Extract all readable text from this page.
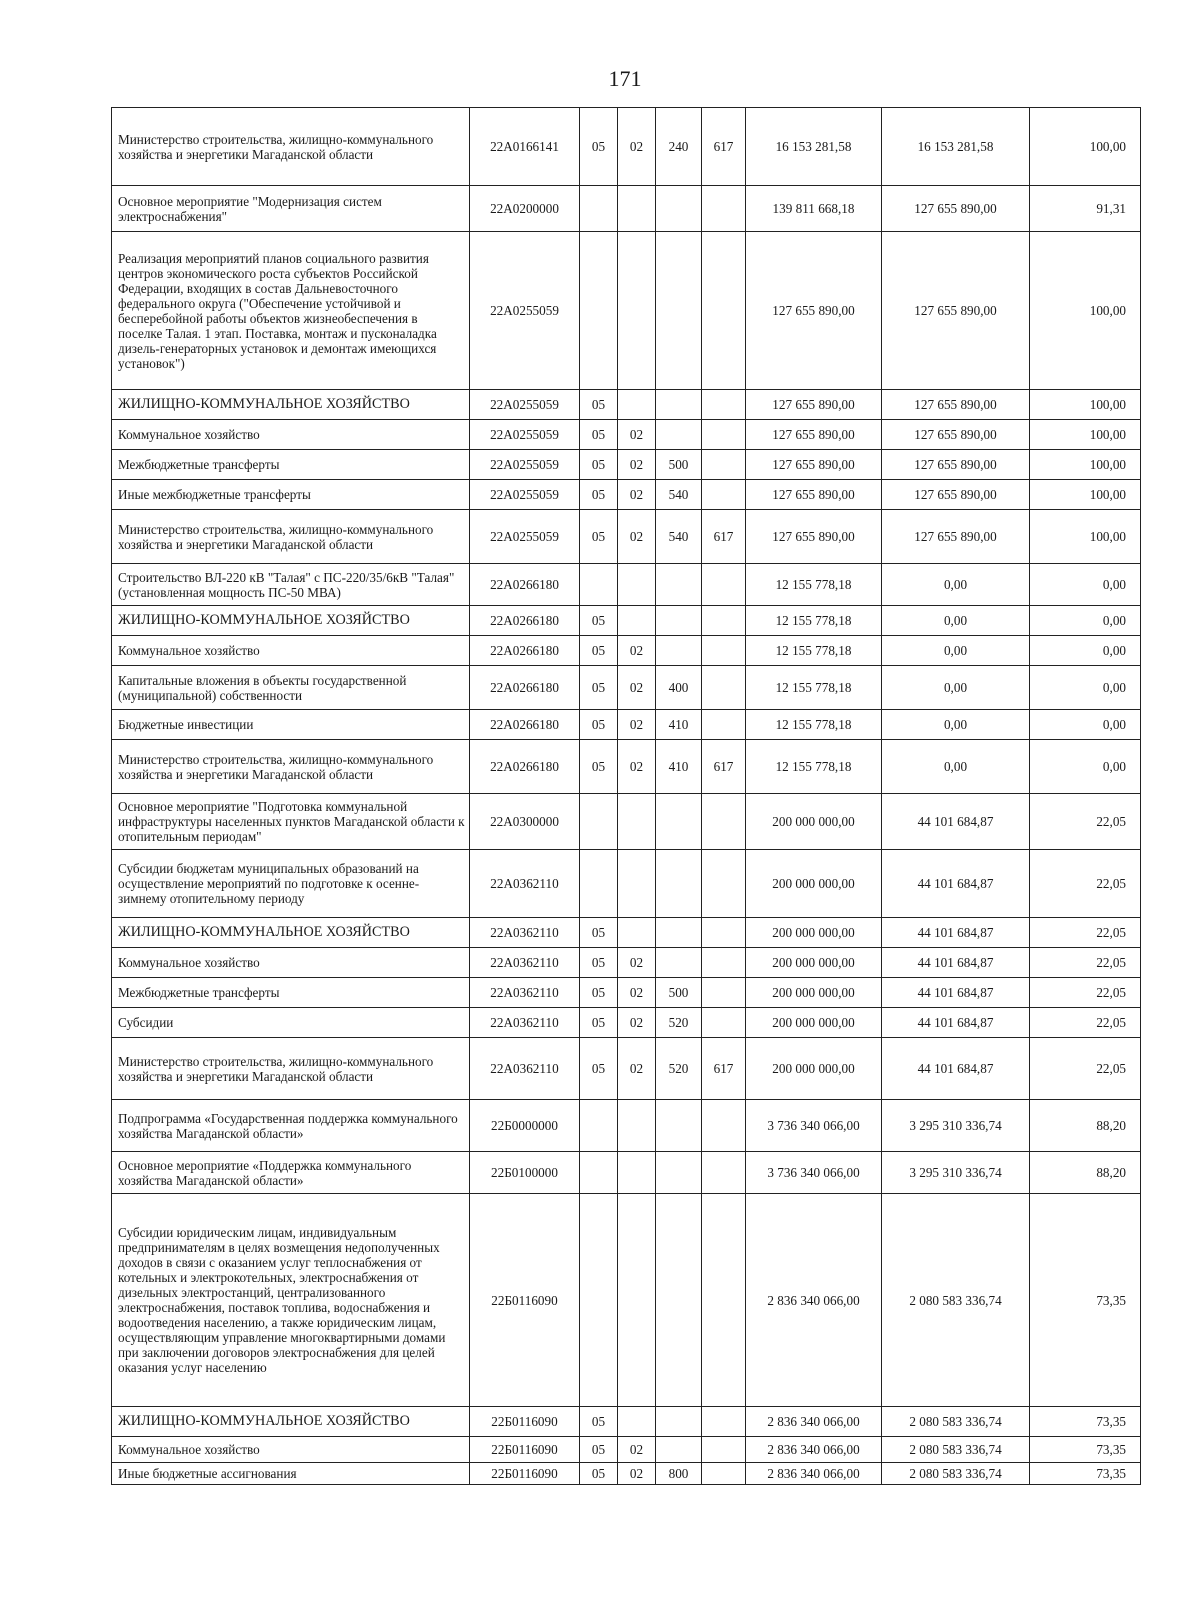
171
Министерство строительства, жилищно-коммунального хозяйства и энергетики Магаданской области	22А0166141	05	02	240	617	16 153 281,58	16 153 281,58	100,00
Основное мероприятие "Модернизация систем электроснабжения"	22А0200000					139 811 668,18	127 655 890,00	91,31
Реализация мероприятий планов социального развития центров экономического роста субъектов Российской Федерации, входящих в состав Дальневосточного федерального округа ("Обеспечение устойчивой и бесперебойной работы объектов жизнеобеспечения в поселке Талая. 1 этап. Поставка, монтаж и пусконаладка дизель-генераторных установок и демонтаж имеющихся установок")	22А0255059					127 655 890,00	127 655 890,00	100,00
ЖИЛИЩНО-КОММУНАЛЬНОЕ ХОЗЯЙСТВО	22А0255059	05				127 655 890,00	127 655 890,00	100,00
Коммунальное хозяйство	22А0255059	05	02			127 655 890,00	127 655 890,00	100,00
Межбюджетные трансферты	22А0255059	05	02	500		127 655 890,00	127 655 890,00	100,00
Иные межбюджетные трансферты	22А0255059	05	02	540		127 655 890,00	127 655 890,00	100,00
Министерство строительства, жилищно-коммунального хозяйства и энергетики Магаданской области	22А0255059	05	02	540	617	127 655 890,00	127 655 890,00	100,00
Строительство ВЛ-220 кВ "Талая" с ПС-220/35/6кВ "Талая" (установленная мощность ПС-50 МВА)	22А0266180					12 155 778,18	0,00	0,00
ЖИЛИЩНО-КОММУНАЛЬНОЕ ХОЗЯЙСТВО	22А0266180	05				12 155 778,18	0,00	0,00
Коммунальное хозяйство	22А0266180	05	02			12 155 778,18	0,00	0,00
Капитальные вложения в объекты государственной (муниципальной) собственности	22А0266180	05	02	400		12 155 778,18	0,00	0,00
Бюджетные инвестиции	22А0266180	05	02	410		12 155 778,18	0,00	0,00
Министерство строительства, жилищно-коммунального хозяйства и энергетики Магаданской области	22А0266180	05	02	410	617	12 155 778,18	0,00	0,00
Основное мероприятие "Подготовка коммунальной инфраструктуры населенных пунктов Магаданской области к отопительным периодам"	22А0300000					200 000 000,00	44 101 684,87	22,05
Субсидии бюджетам муниципальных образований на осуществление мероприятий по подготовке к осенне-зимнему отопительному периоду	22А0362110					200 000 000,00	44 101 684,87	22,05
ЖИЛИЩНО-КОММУНАЛЬНОЕ ХОЗЯЙСТВО	22А0362110	05				200 000 000,00	44 101 684,87	22,05
Коммунальное хозяйство	22А0362110	05	02			200 000 000,00	44 101 684,87	22,05
Межбюджетные трансферты	22А0362110	05	02	500		200 000 000,00	44 101 684,87	22,05
Субсидии	22А0362110	05	02	520		200 000 000,00	44 101 684,87	22,05
Министерство строительства, жилищно-коммунального хозяйства и энергетики Магаданской области	22А0362110	05	02	520	617	200 000 000,00	44 101 684,87	22,05
Подпрограмма «Государственная поддержка коммунального хозяйства Магаданской области»	22Б0000000					3 736 340 066,00	3 295 310 336,74	88,20
Основное мероприятие «Поддержка коммунального хозяйства Магаданской области»	22Б0100000					3 736 340 066,00	3 295 310 336,74	88,20
Субсидии юридическим лицам, индивидуальным предпринимателям в целях возмещения недополученных доходов в связи с оказанием услуг теплоснабжения от котельных и электрокотельных, электроснабжения от дизельных электростанций, централизованного электроснабжения, поставок топлива, водоснабжения и водоотведения населению, а также юридическим лицам, осуществляющим управление многоквартирными домами при заключении договоров электроснабжения для целей оказания услуг населению	22Б0116090					2 836 340 066,00	2 080 583 336,74	73,35
ЖИЛИЩНО-КОММУНАЛЬНОЕ ХОЗЯЙСТВО	22Б0116090	05				2 836 340 066,00	2 080 583 336,74	73,35
Коммунальное хозяйство	22Б0116090	05	02			2 836 340 066,00	2 080 583 336,74	73,35
Иные бюджетные ассигнования	22Б0116090	05	02	800		2 836 340 066,00	2 080 583 336,74	73,35
